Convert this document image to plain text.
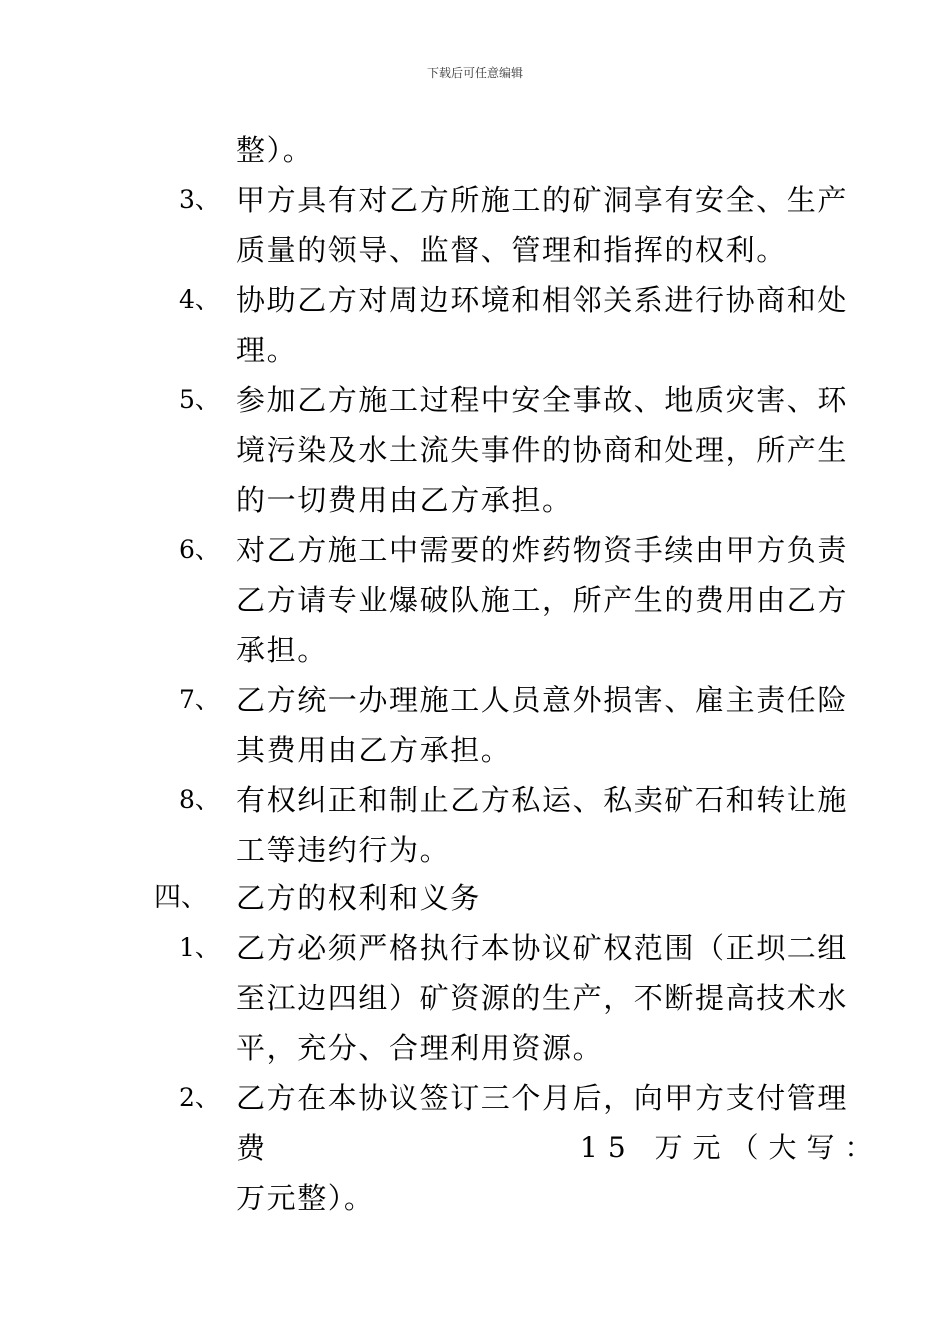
下载后可任意编辑
整）。
3、 甲方具有对乙方所施工的矿洞享有安全、生产
质量的领导、监督、管理和指挥的权利。
4、 协助乙方对周边环境和相邻关系进行协商和处
理。
5、 参加乙方施工过程中安全事故、地质灾害、环
境污染及水土流失事件的协商和处理，所产生
的一切费用由乙方承担。
6、 对乙方施工中需要的炸药物资手续由甲方负责
乙方请专业爆破队施工，所产生的费用由乙方
承担。
7、 乙方统一办理施工人员意外损害、雇主责任险
其费用由乙方承担。
8、 有权纠正和制止乙方私运、私卖矿石和转让施
工等违约行为。
四、 乙方的权利和义务
1、 乙方必须严格执行本协议矿权范围（正坝二组
至江边四组）矿资源的生产，不断提高技术水
平，充分、合理利用资源。
2、 乙方在本协议签订三个月后，向甲方支付管理
费	15 万元（大写：
万元整）。
